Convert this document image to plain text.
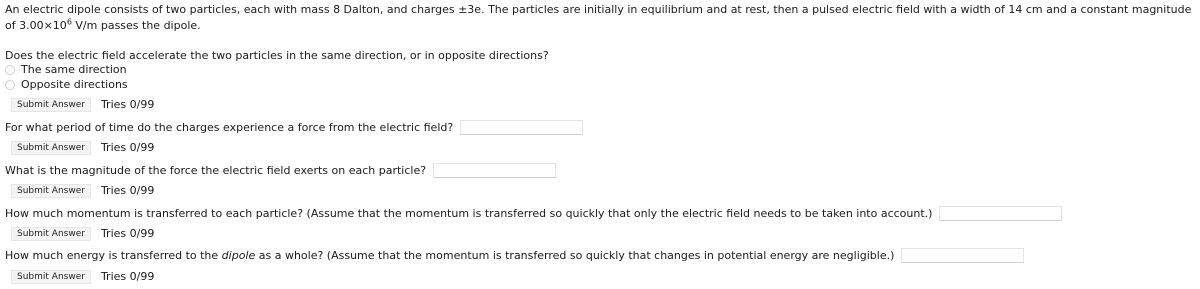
An electric dipole consists of two particles, each with mass 8 Dalton, and charges ±3e. The particles are initially in equilibrium and at rest, then a pulsed electric field with a width of 14 cm and a constant magnitude of $3.00\times 10^6$ V/m passes the dipole.
Does the electric field accelerate the two particles in the same direction, or in opposite directions?
The same direction
Opposite directions
Submit Answer	Tries 0/99
For what period of time do the charges experience a force from the electric field?
Submit Answer	Tries 0/99
What is the magnitude of the force the electric field exerts on each particle?
Submit Answer	Tries 0/99
How much momentum is transferred to each particle? (Assume that the momentum is transferred so quickly that only the electric field needs to be taken into account.)
Submit Answer	Tries 0/99
How much energy is transferred to the dipole as a whole? (Assume that the momentum is transferred so quickly that changes in potential energy are negligible.)
Submit Answer	Tries 0/99
